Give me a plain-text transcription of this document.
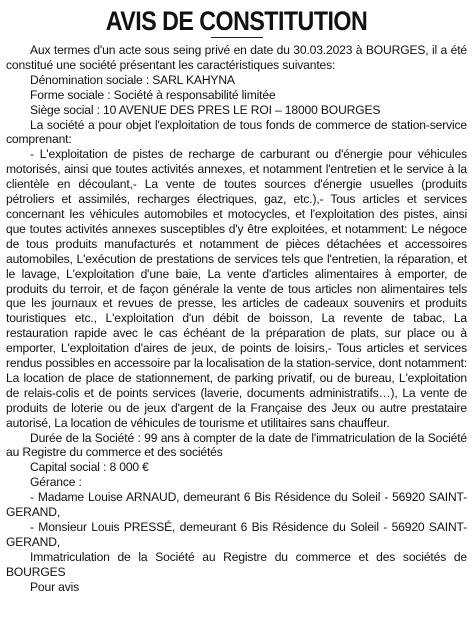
AVIS DE CONSTITUTION

Aux termes d'un acte sous seing privé en date du 30.03.2023 à BOURGES, il a été constitué une société présentant les caractéristiques suivantes:

Dénomination sociale : SARL KAHYNA

Forme sociale : Société à responsabilité limitée

Siège social : 10 AVENUE DES PRES LE ROI – 18000 BOURGES

La société a pour objet l'exploitation de tous fonds de commerce de station-service comprenant:

- L'exploitation de pistes de recharge de carburant ou d'énergie pour véhicules motorisés, ainsi que toutes activités annexes, et notamment l'entretien et le service à la clientèle en découlant,- La vente de toutes sources d'énergie usuelles (produits pétroliers et assimilés, recharges électriques, gaz, etc.),- Tous articles et services concernant les véhicules automobiles et motocycles, et l'exploitation des pistes, ainsi que toutes activités annexes susceptibles d'y être exploitées, et notamment: Le négoce de tous produits manufacturés et notamment de pièces détachées et accessoires automobiles, L'exécution de prestations de services tels que l'entretien, la réparation, et le lavage, L'exploitation d'une baie, La vente d'articles alimentaires à emporter, de produits du terroir, et de façon générale la vente de tous articles non alimentaires tels que les journaux et revues de presse, les articles de cadeaux souvenirs et produits touristiques etc., L'exploitation d'un débit de boisson, La revente de tabac, La restauration rapide avec le cas échéant de la préparation de plats, sur place ou à emporter, L'exploitation d'aires de jeux, de points de loisirs,- Tous articles et services rendus possibles en accessoire par la localisation de la station-service, dont notamment: La location de place de stationnement, de parking privatif, ou de bureau, L'exploitation de relais-colis et de points services (laverie, documents administratifs…), La vente de produits de loterie ou de jeux d'argent de la Française des Jeux ou autre prestataire autorisé, La location de véhicules de tourisme et utilitaires sans chauffeur.

Durée de la Société : 99 ans à compter de la date de l'immatriculation de la Société au Registre du commerce et des sociétés

Capital social : 8 000 €

Gérance :

- Madame Louise ARNAUD, demeurant 6 Bis Résidence du Soleil - 56920 SAINT-GERAND,

- Monsieur Louis PRESSÉ, demeurant 6 Bis Résidence du Soleil - 56920 SAINT-GERAND,

Immatriculation de la Société au Registre du commerce et des sociétés de BOURGES

Pour avis
